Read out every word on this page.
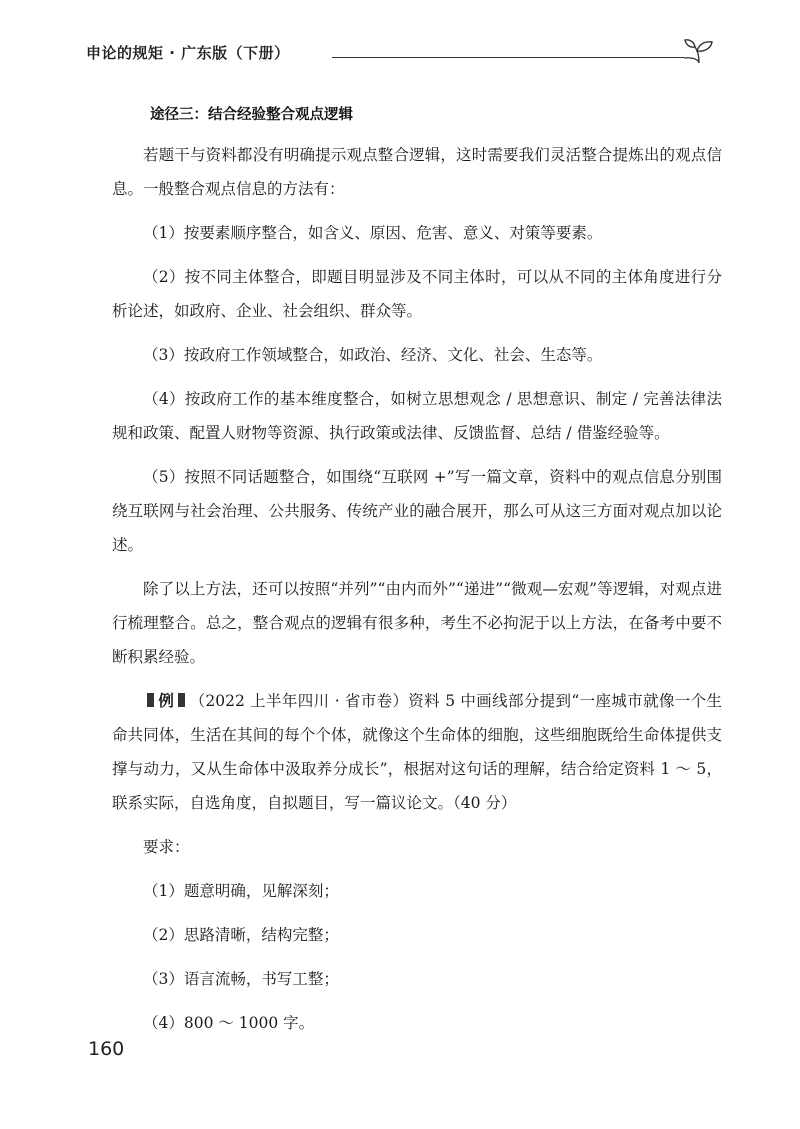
申论的规矩 · 广东版（下册）
途径三：结合经验整合观点逻辑

若题干与资料都没有明确提示观点整合逻辑，这时需要我们灵活整合提炼出的观点信息。一般整合观点信息的方法有：

（1）按要素顺序整合，如含义、原因、危害、意义、对策等要素。

（2）按不同主体整合，即题目明显涉及不同主体时，可以从不同的主体角度进行分析论述，如政府、企业、社会组织、群众等。

（3）按政府工作领域整合，如政治、经济、文化、社会、生态等。

（4）按政府工作的基本维度整合，如树立思想观念 / 思想意识、制定 / 完善法律法规和政策、配置人财物等资源、执行政策或法律、反馈监督、总结 / 借鉴经验等。

（5）按照不同话题整合，如围绕“互联网 +”写一篇文章，资料中的观点信息分别围绕互联网与社会治理、公共服务、传统产业的融合展开，那么可从这三方面对观点加以论述。

除了以上方法，还可以按照“并列”“由内而外”“递进”“微观—宏观”等逻辑，对观点进行梳理整合。总之，整合观点的逻辑有很多种，考生不必拘泥于以上方法，在备考中要不断积累经验。

例 （2022 上半年四川 · 省市卷）资料 5 中画线部分提到“一座城市就像一个生命共同体，生活在其间的每个个体，就像这个生命体的细胞，这些细胞既给生命体提供支撑与动力，又从生命体中汲取养分成长”，根据对这句话的理解，结合给定资料 1 ～ 5，联系实际，自选角度，自拟题目，写一篇议论文。（40 分）

要求：

（1）题意明确，见解深刻；

（2）思路清晰，结构完整；

（3）语言流畅，书写工整；

（4）800 ～ 1000 字。

160
